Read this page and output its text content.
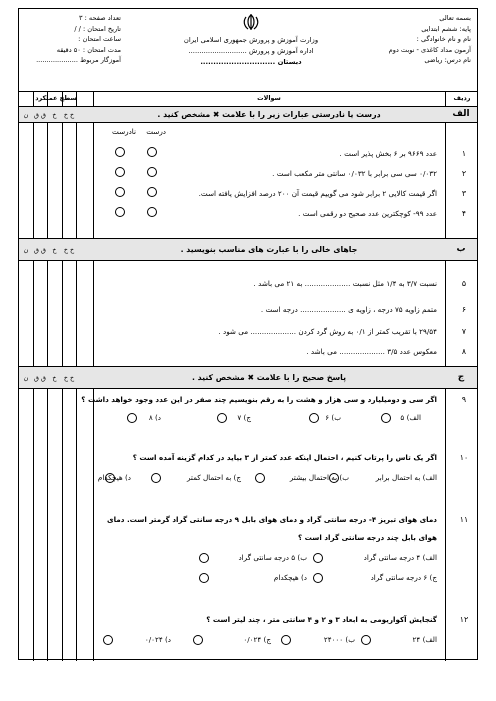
بسمه تعالی
پایه: ششم ابتدایی
نام و نام خانوادگی :
آزمون مداد کاغذی - نوبت دوم
نام درس: ریاضی
وزارت آموزش و پرورش جمهوری اسلامی ایران
اداره آموزش و پرورش ...........................
دبستان .............................
تعداد صفحه : ۳
تاریخ امتحان : / /
ساعت امتحان :
مدت امتحان : ۵۰ دقیقه
آموزگار مربوط ....................
سطح عملکرد	سوالات	ردیف
ن ق ق	خ	خ خ	درست یا نادرستی عبارات زیر را با علامت ✖ مشخص کنید .	الف
درست
نادرست
۱
عدد ۹۶۶۹ بر ۶ بخش پذیر است .
۲
۰/۰۳۲ سی سی برابر با ۰/۰۳۲ سانتی متر مکعب است .
۳
اگر قیمت کالایی ۲ برابر شود می گوییم قیمت آن ۲۰۰ درصد افزایش یافته است.
۴
عدد ۹۹- کوچکترین عدد صحیح دو رقمی است .
ن ق ق	خ	خ خ	جاهای خالی را با عبارت های مناسب بنویسید .	ب
۵
نسبت ۳/۷ به ۱/۴ مثل نسبت .................... به ۲۱ می باشد .
۶
متمم زاویه ۷۵ درجه ، زاویه ی .................... درجه است .
۷
۲۹/۵۴ با تقریب کمتر از ۰/۱ به روش گرد کردن .................... می شود .
۸
معکوس عدد ۳/۵ .................... می باشد .
ن ق ق	خ	خ خ	پاسخ صحیح را با علامت ✖ مشخص کنید .	ج
۹
اگر سی و دومیلیارد و سی هزار و هشت را به رقم بنویسیم چند صفر در این عدد وجود خواهد داشت ؟
الف) ۵
ب) ۶
ج) ۷
د) ۸
۱۰
اگر یک تاس را پرتاب کنیم ، احتمال اینکه عدد کمتر از ۳ بیاید در کدام گزینه آمده است ؟
الف) به احتمال برابر
ب) به احتمال بیشتر
ج) به احتمال کمتر
د) هیچکدام
۱۱
دمای هوای تبریز ۴- درجه سانتی گراد و دمای هوای بابل ۹ درجه سانتی گراد گرمتر است. دمای
هوای بابل چند درجه سانتی گراد است ؟
الف) ۴ درجه سانتی گراد
ب) ۵ درجه سانتی گراد
ج) ۶ درجه سانتی گراد
د) هیچکدام
۱۲
گنجایش آکواریومی به ابعاد ۳ و ۲ و ۴ سانتی متر ، چند لیتر است ؟
الف) ۲۴
ب) ۲۴۰۰۰
ج) ۰/۰۲۴
د) ۰/۰۲۴
